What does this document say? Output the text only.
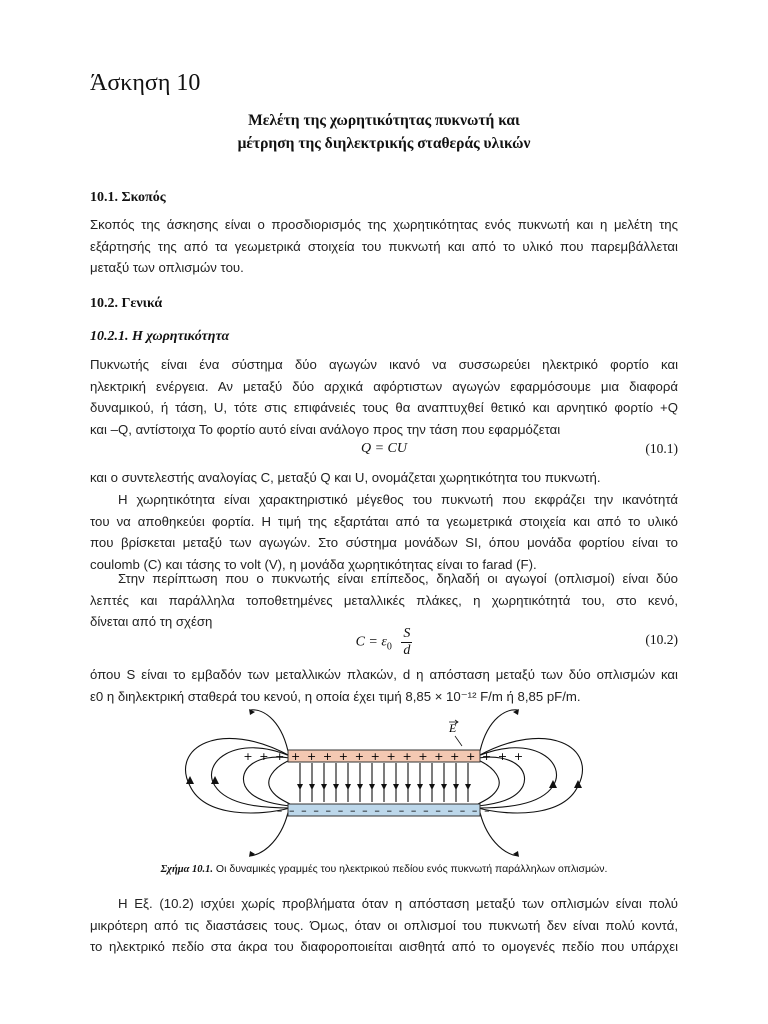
Άσκηση 10
Μελέτη της χωρητικότητας πυκνωτή και
μέτρηση της διηλεκτρικής σταθεράς υλικών
10.1. Σκοπός
Σκοπός της άσκησης είναι ο προσδιορισμός της χωρητικότητας ενός πυκνωτή και η μελέτη της
εξάρτησής της από τα γεωμετρικά στοιχεία του πυκνωτή και από το υλικό που παρεμβάλλεται
μεταξύ των οπλισμών του.
10.2. Γενικά
10.2.1. Η χωρητικότητα
Πυκνωτής είναι ένα σύστημα δύο αγωγών ικανό να συσσωρεύει ηλεκτρικό φορτίο και
ηλεκτρική ενέργεια. Αν μεταξύ δύο αρχικά αφόρτιστων αγωγών εφαρμόσουμε μια διαφορά
δυναμικού, ή τάση, U, τότε στις επιφάνειές τους θα αναπτυχθεί θετικό και αρνητικό φορτίο +Q
και –Q, αντίστοιχα Το φορτίο αυτό είναι ανάλογο προς την τάση που εφαρμόζεται
Q = CU	(10.1)
και ο συντελεστής αναλογίας C, μεταξύ Q και U, ονομάζεται χωρητικότητα του πυκνωτή.
Η χωρητικότητα είναι χαρακτηριστικό μέγεθος του πυκνωτή που εκφράζει την ικανότητά
του να αποθηκεύει φορτία. Η τιμή της εξαρτάται από τα γεωμετρικά στοιχεία και από το υλικό
που βρίσκεται μεταξύ των αγωγών. Στο σύστημα μονάδων SI, όπου μονάδα φορτίου είναι το
coulomb (C) και τάσης το volt (V), η μονάδα χωρητικότητας είναι το farad (F).
Στην περίπτωση που ο πυκνωτής είναι επίπεδος, δηλαδή οι αγωγοί (οπλισμοί) είναι δύο
λεπτές και παράλληλα τοποθετημένες μεταλλικές πλάκες, η χωρητικότητά του, στο κενό,
δίνεται από τη σχέση
$C = \varepsilon_0 \frac{S}{d}$	(10.2)
όπου S είναι το εμβαδόν των μεταλλικών πλακών, d η απόσταση μεταξύ των δύο οπλισμών και
ε0 η διηλεκτρική σταθερά του κενού, η οποία έχει τιμή 8,85 × 10⁻¹² F/m ή 8,85 pF/m.
+ + + + + + + + + + + + + + + + + +
– – – – – – – – – – – – – – – – – –
E
Σχήμα 10.1. Οι δυναμικές γραμμές του ηλεκτρικού πεδίου ενός πυκνωτή παράλληλων οπλισμών.
Η Εξ. (10.2) ισχύει χωρίς προβλήματα όταν η απόσταση μεταξύ των οπλισμών είναι πολύ
μικρότερη από τις διαστάσεις τους. Όμως, όταν οι οπλισμοί του πυκνωτή δεν είναι πολύ κοντά,
το ηλεκτρικό πεδίο στα άκρα του διαφοροποιείται αισθητά από το ομογενές πεδίο που υπάρχει
